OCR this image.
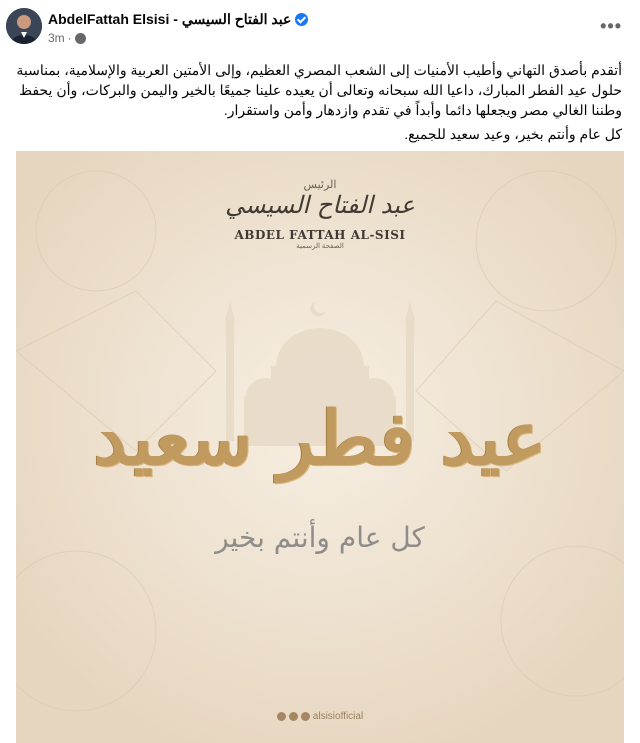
AbdelFattah Elsisi - عبد الفتاح السيسي
3m ·
•••

أتقدم بأصدق التهاني وأطيب الأمنيات إلى الشعب المصري العظيم، وإلى الأمتين العربية والإسلامية، بمناسبة حلول عيد الفطر المبارك، داعيا الله سبحانه وتعالى أن يعيده علينا جميعًا بالخير واليمن والبركات، وأن يحفظ وطننا الغالي مصر ويجعلها دائما وأبداً في تقدم وازدهار وأمن واستقرار.

كل عام وأنتم بخير، وعيد سعيد للجميع.

الرئيس
عبد الفتاح السيسي
ABDEL FATTAH AL-SISI
الصفحة الرسمية
عيد فطر سعيد
كل عام وأنتم بخير
alsisiofficial
